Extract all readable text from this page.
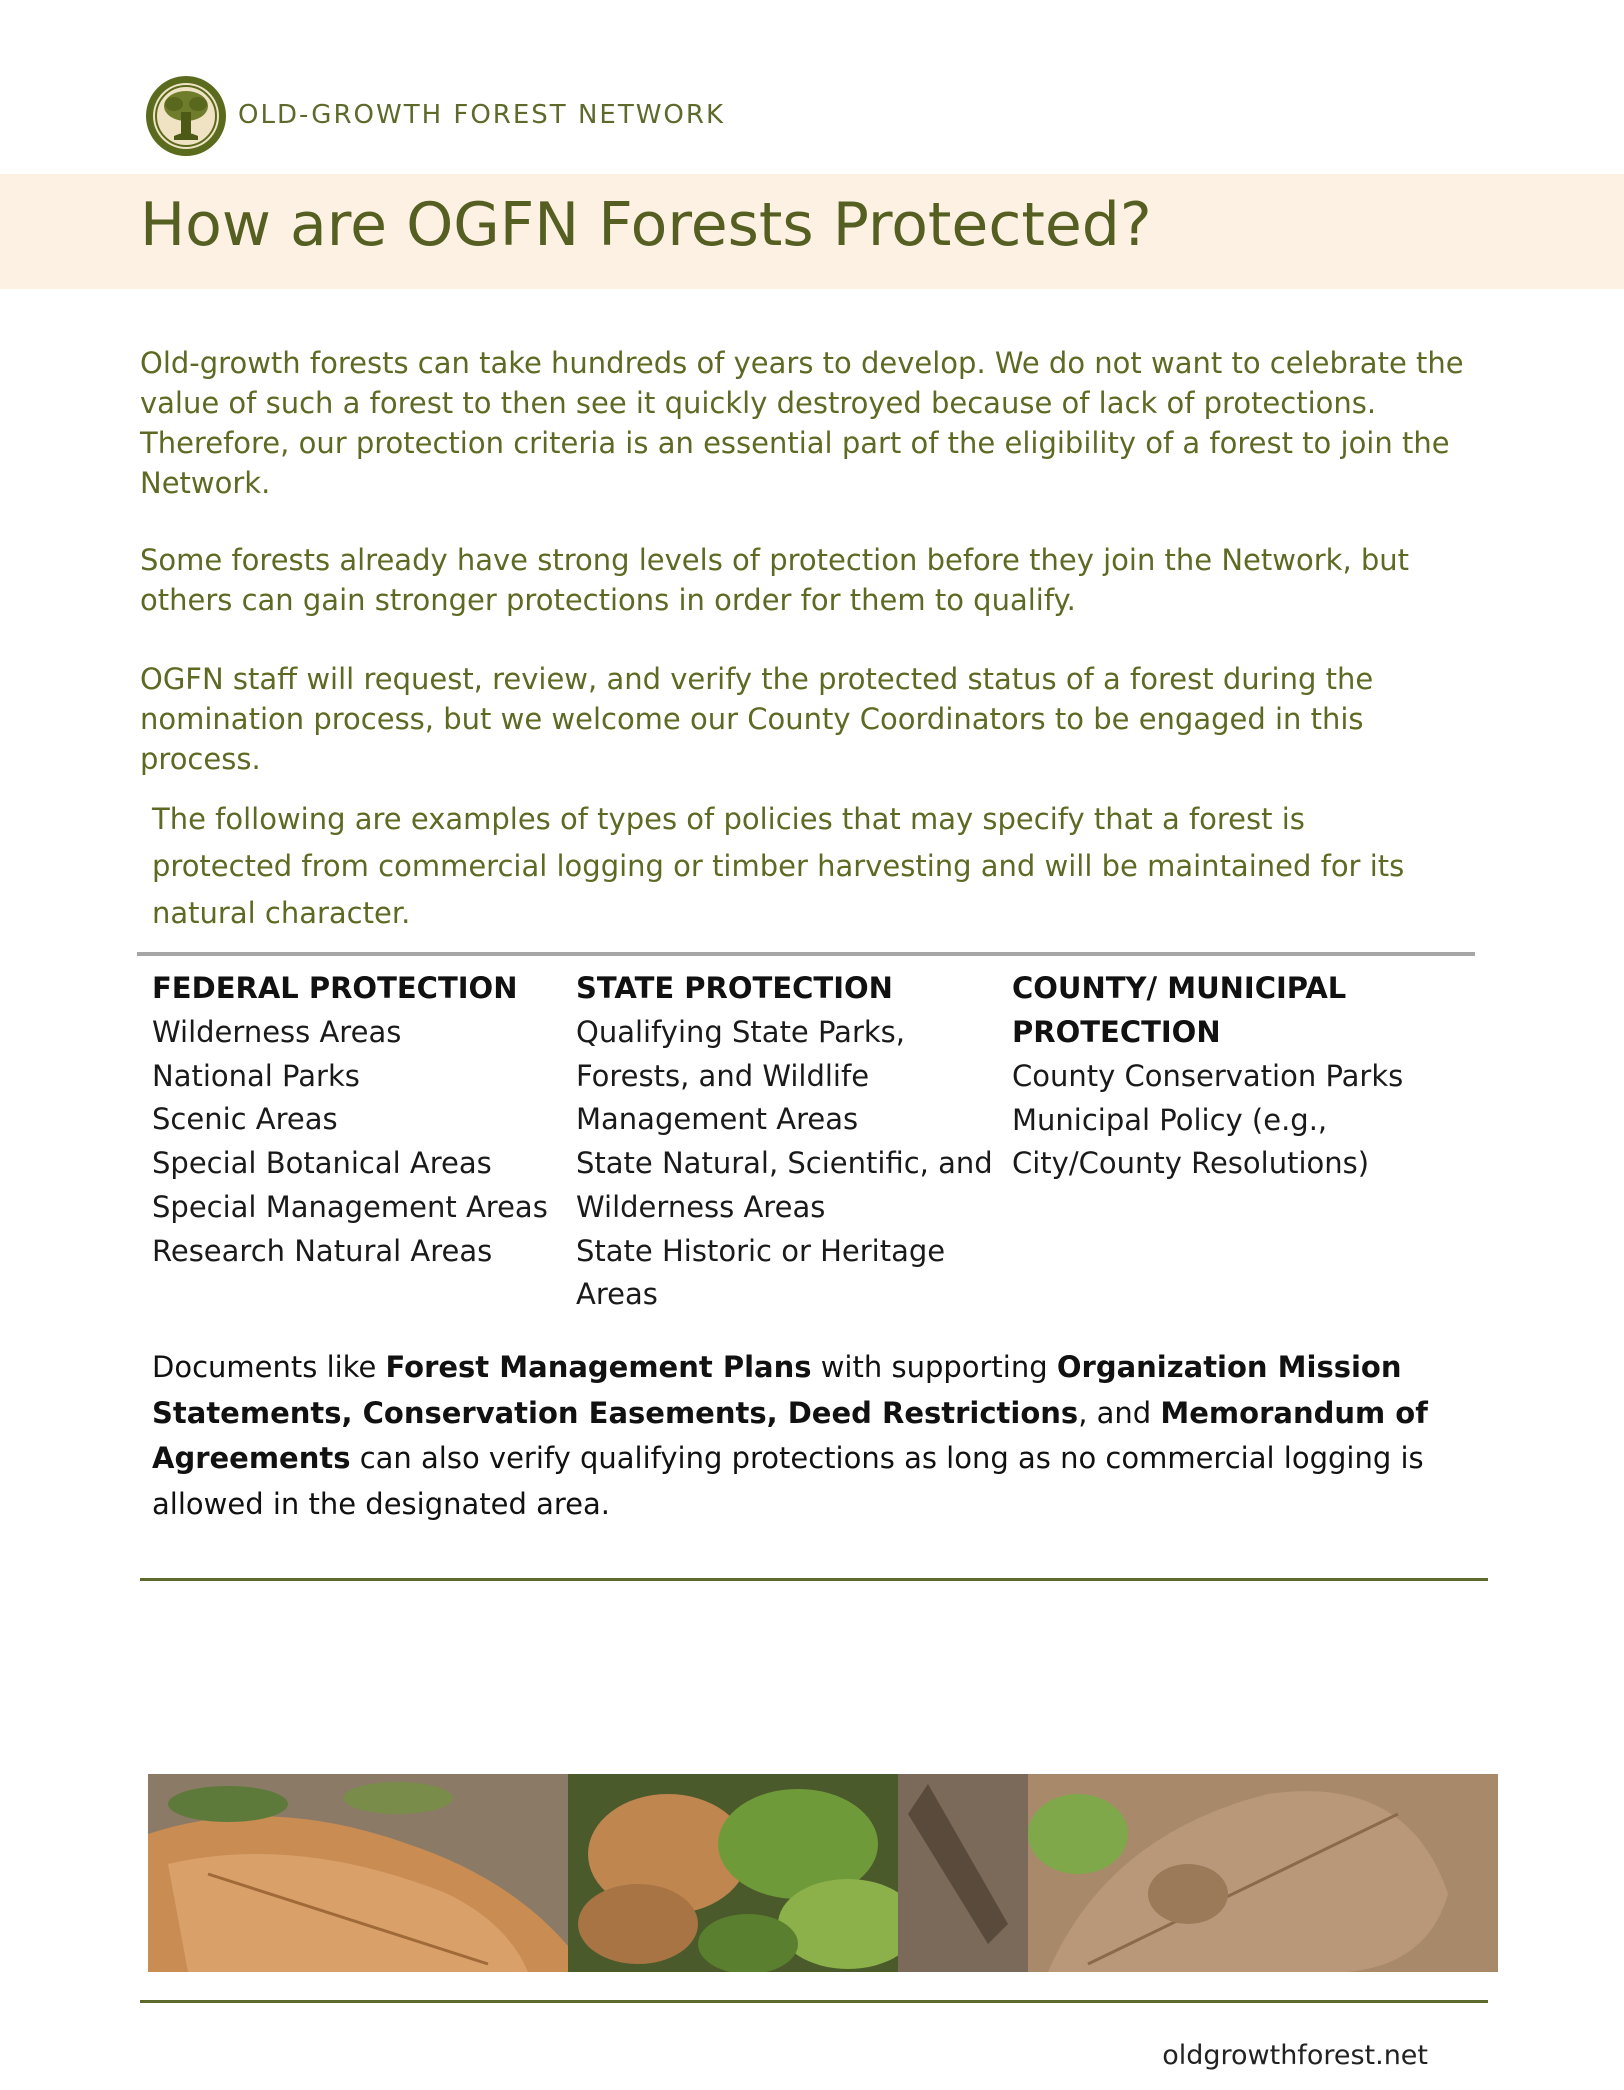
OLD-GROWTH FOREST NETWORK
How are OGFN Forests Protected?

Old-growth forests can take hundreds of years to develop. We do not want to celebrate the value of such a forest to then see it quickly destroyed because of lack of protections. Therefore, our protection criteria is an essential part of the eligibility of a forest to join the Network.

Some forests already have strong levels of protection before they join the Network, but others can gain stronger protections in order for them to qualify.

OGFN staff will request, review, and verify the protected status of a forest during the nomination process, but we welcome our County Coordinators to be engaged in this process.

The following are examples of types of policies that may specify that a forest is protected from commercial logging or timber harvesting and will be maintained for its natural character.

FEDERAL PROTECTION
Wilderness Areas
National Parks
Scenic Areas
Special Botanical Areas
Special Management Areas
Research Natural Areas
STATE PROTECTION
Qualifying State Parks, Forests, and Wildlife Management Areas
State Natural, Scientific, and Wilderness Areas
State Historic or Heritage Areas
COUNTY/ MUNICIPAL PROTECTION
County Conservation Parks
Municipal Policy (e.g., City/County Resolutions)

Documents like Forest Management Plans with supporting Organization Mission Statements, Conservation Easements, Deed Restrictions, and Memorandum of Agreements can also verify qualifying protections as long as no commercial logging is allowed in the designated area.

oldgrowthforest.net
